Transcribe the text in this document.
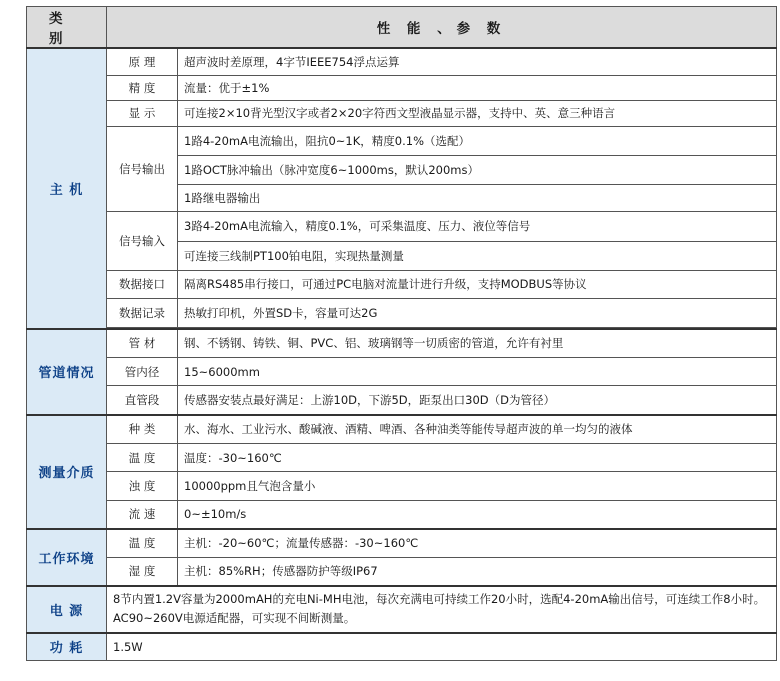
类 别	性 能 、参 数	
主 机	原 理	超声波时差原理，4字节IEEE754浮点运算
	精 度	流量：优于±1%
	显 示	可连接2×10背光型汉字或者2×20字符西文型液晶显示器，支持中、英、意三种语言
	信号输出	1路4-20mA电流输出，阻抗0~1K，精度0.1%（选配）
		1路OCT脉冲输出（脉冲宽度6~1000ms，默认200ms）
		1路继电器输出
	信号输入	3路4-20mA电流输入，精度0.1%，可采集温度、压力、液位等信号
		可连接三线制PT100铂电阻，实现热量测量
	数据接口	隔离RS485串行接口，可通过PC电脑对流量计进行升级，支持MODBUS等协议
	数据记录	热敏打印机，外置SD卡，容量可达2G

管道情况	管 材	钢、不锈钢、铸铁、铜、PVC、铝、玻璃钢等一切质密的管道，允许有衬里
	管内径	15~6000mm
	直管段	传感器安装点最好满足：上游10D，下游5D，距泵出口30D（D为管径）
测量介质	种 类	水、海水、工业污水、酸碱液、酒精、啤酒、各种油类等能传导超声波的单一均匀的液体
	温 度	温度：-30~160℃
	浊 度	10000ppm且气泡含量小
	流 速	0~±10m/s
工作环境	温 度	主机：-20~60℃；流量传感器：-30~160℃
	湿 度	主机：85%RH；传感器防护等级IP67
电 源	8节内置1.2V容量为2000mAH的充电Ni-MH电池，每次充满电可持续工作20小时，选配4-20mA输出信号，可连续工作8小时。AC90~260V电源适配器，可实现不间断测量。	
功 耗	1.5W	
